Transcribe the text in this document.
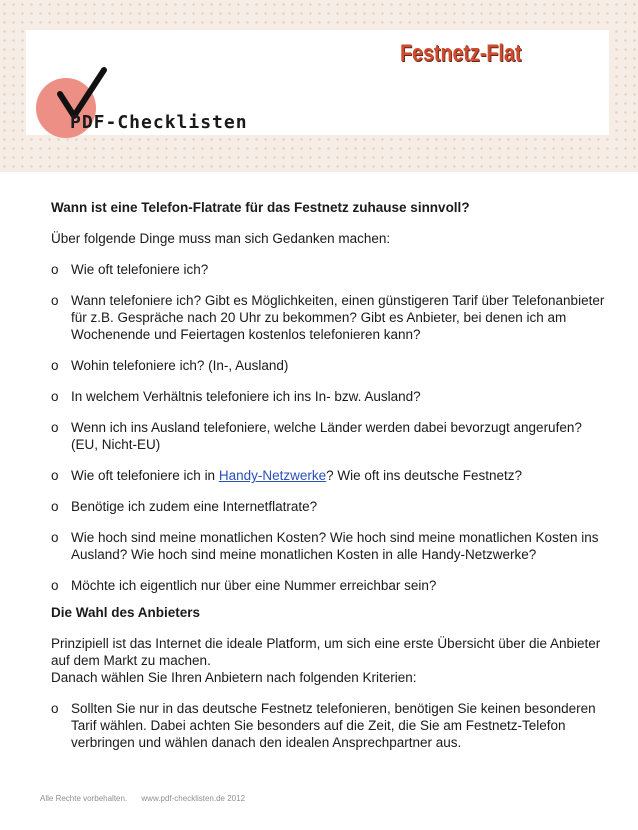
PDF-Checklisten
Festnetz-Flat
Wann ist eine Telefon-Flatrate für das Festnetz zuhause sinnvoll?
Über folgende Dinge muss man sich Gedanken machen:
o Wie oft telefoniere ich?
o Wann telefoniere ich? Gibt es Möglichkeiten, einen günstigeren Tarif über Telefonanbieter für z.B. Gespräche nach 20 Uhr zu bekommen? Gibt es Anbieter, bei denen ich am Wochenende und Feiertagen kostenlos telefonieren kann?
o Wohin telefoniere ich? (In-, Ausland)
o In welchem Verhältnis telefoniere ich ins In- bzw. Ausland?
o Wenn ich ins Ausland telefoniere, welche Länder werden dabei bevorzugt angerufen? (EU, Nicht-EU)
o Wie oft telefoniere ich in Handy-Netzwerke? Wie oft ins deutsche Festnetz?
o Benötige ich zudem eine Internetflatrate?
o Wie hoch sind meine monatlichen Kosten? Wie hoch sind meine monatlichen Kosten ins Ausland? Wie hoch sind meine monatlichen Kosten in alle Handy-Netzwerke?
o Möchte ich eigentlich nur über eine Nummer erreichbar sein?
Die Wahl des Anbieters
Prinzipiell ist das Internet die ideale Platform, um sich eine erste Übersicht über die Anbieter auf dem Markt zu machen.
Danach wählen Sie Ihren Anbietern nach folgenden Kriterien:
o Sollten Sie nur in das deutsche Festnetz telefonieren, benötigen Sie keinen besonderen Tarif wählen. Dabei achten Sie besonders auf die Zeit, die Sie am Festnetz-Telefon verbringen und wählen danach den idealen Ansprechpartner aus.
Alle Rechte vorbehalten. www.pdf-checklisten.de 2012
